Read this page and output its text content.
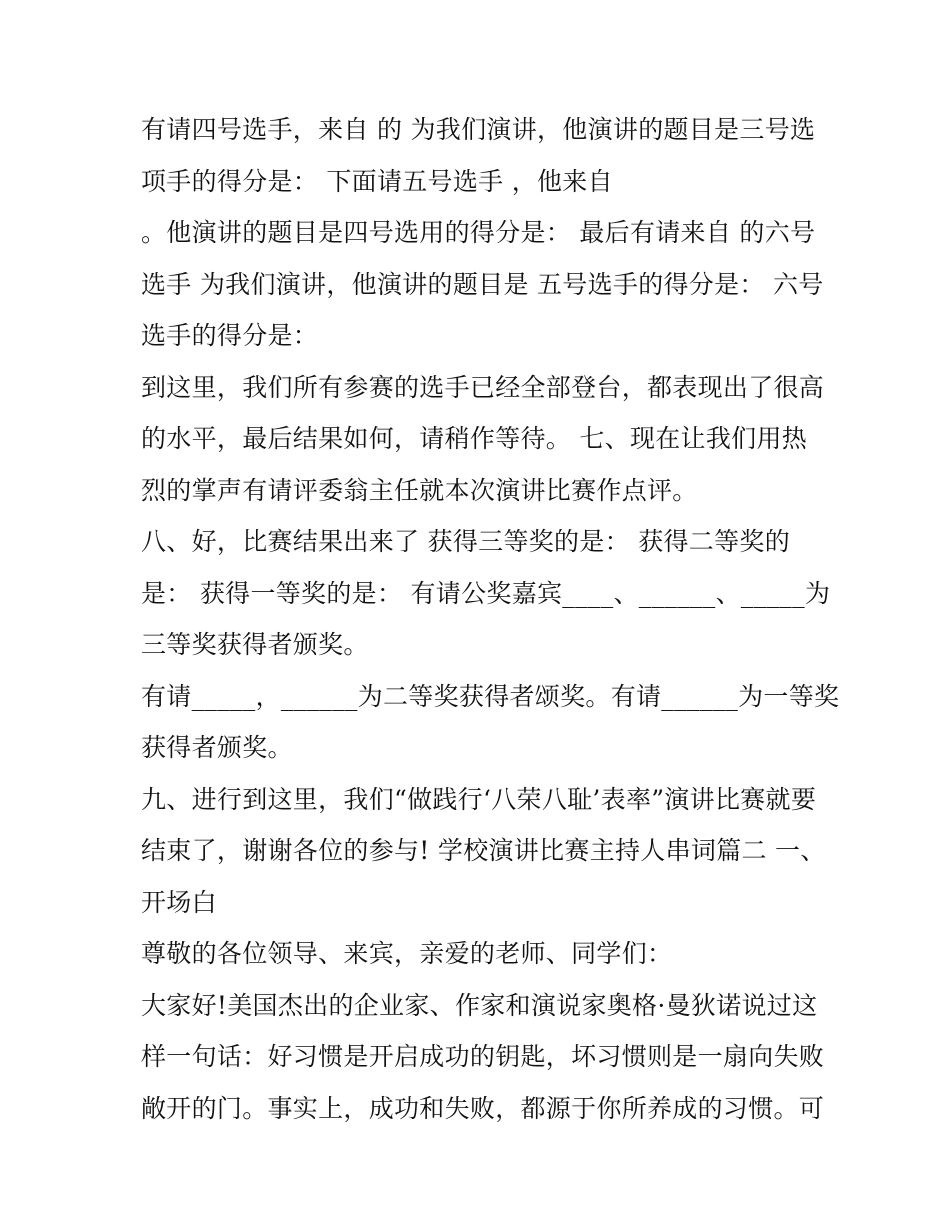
有请四号选手，来自 的 为我们演讲，他演讲的题目是三号选
项手的得分是： 下面请五号选手 ，他来自
。他演讲的题目是四号选用的得分是： 最后有请来自 的六号
选手 为我们演讲，他演讲的题目是 五号选手的得分是： 六号
选手的得分是：
到这里，我们所有参赛的选手已经全部登台，都表现出了很高
的水平，最后结果如何，请稍作等待。 七、现在让我们用热
烈的掌声有请评委翁主任就本次演讲比赛作点评。
八、好，比赛结果出来了 获得三等奖的是： 获得二等奖的
是： 获得一等奖的是： 有请公奖嘉宾____、______、_____为
三等奖获得者颁奖。
有请_____，______为二等奖获得者颂奖。有请______为一等奖
获得者颁奖。
九、进行到这里，我们“做践行‘八荣八耻’表率”演讲比赛就要
结束了，谢谢各位的参与! 学校演讲比赛主持人串词篇二 一、
开场白
尊敬的各位领导、来宾，亲爱的老师、同学们：
大家好!美国杰出的企业家、作家和演说家奥格·曼狄诺说过这
样一句话：好习惯是开启成功的钥匙，坏习惯则是一扇向失败
敞开的门。事实上，成功和失败，都源于你所养成的习惯。可
